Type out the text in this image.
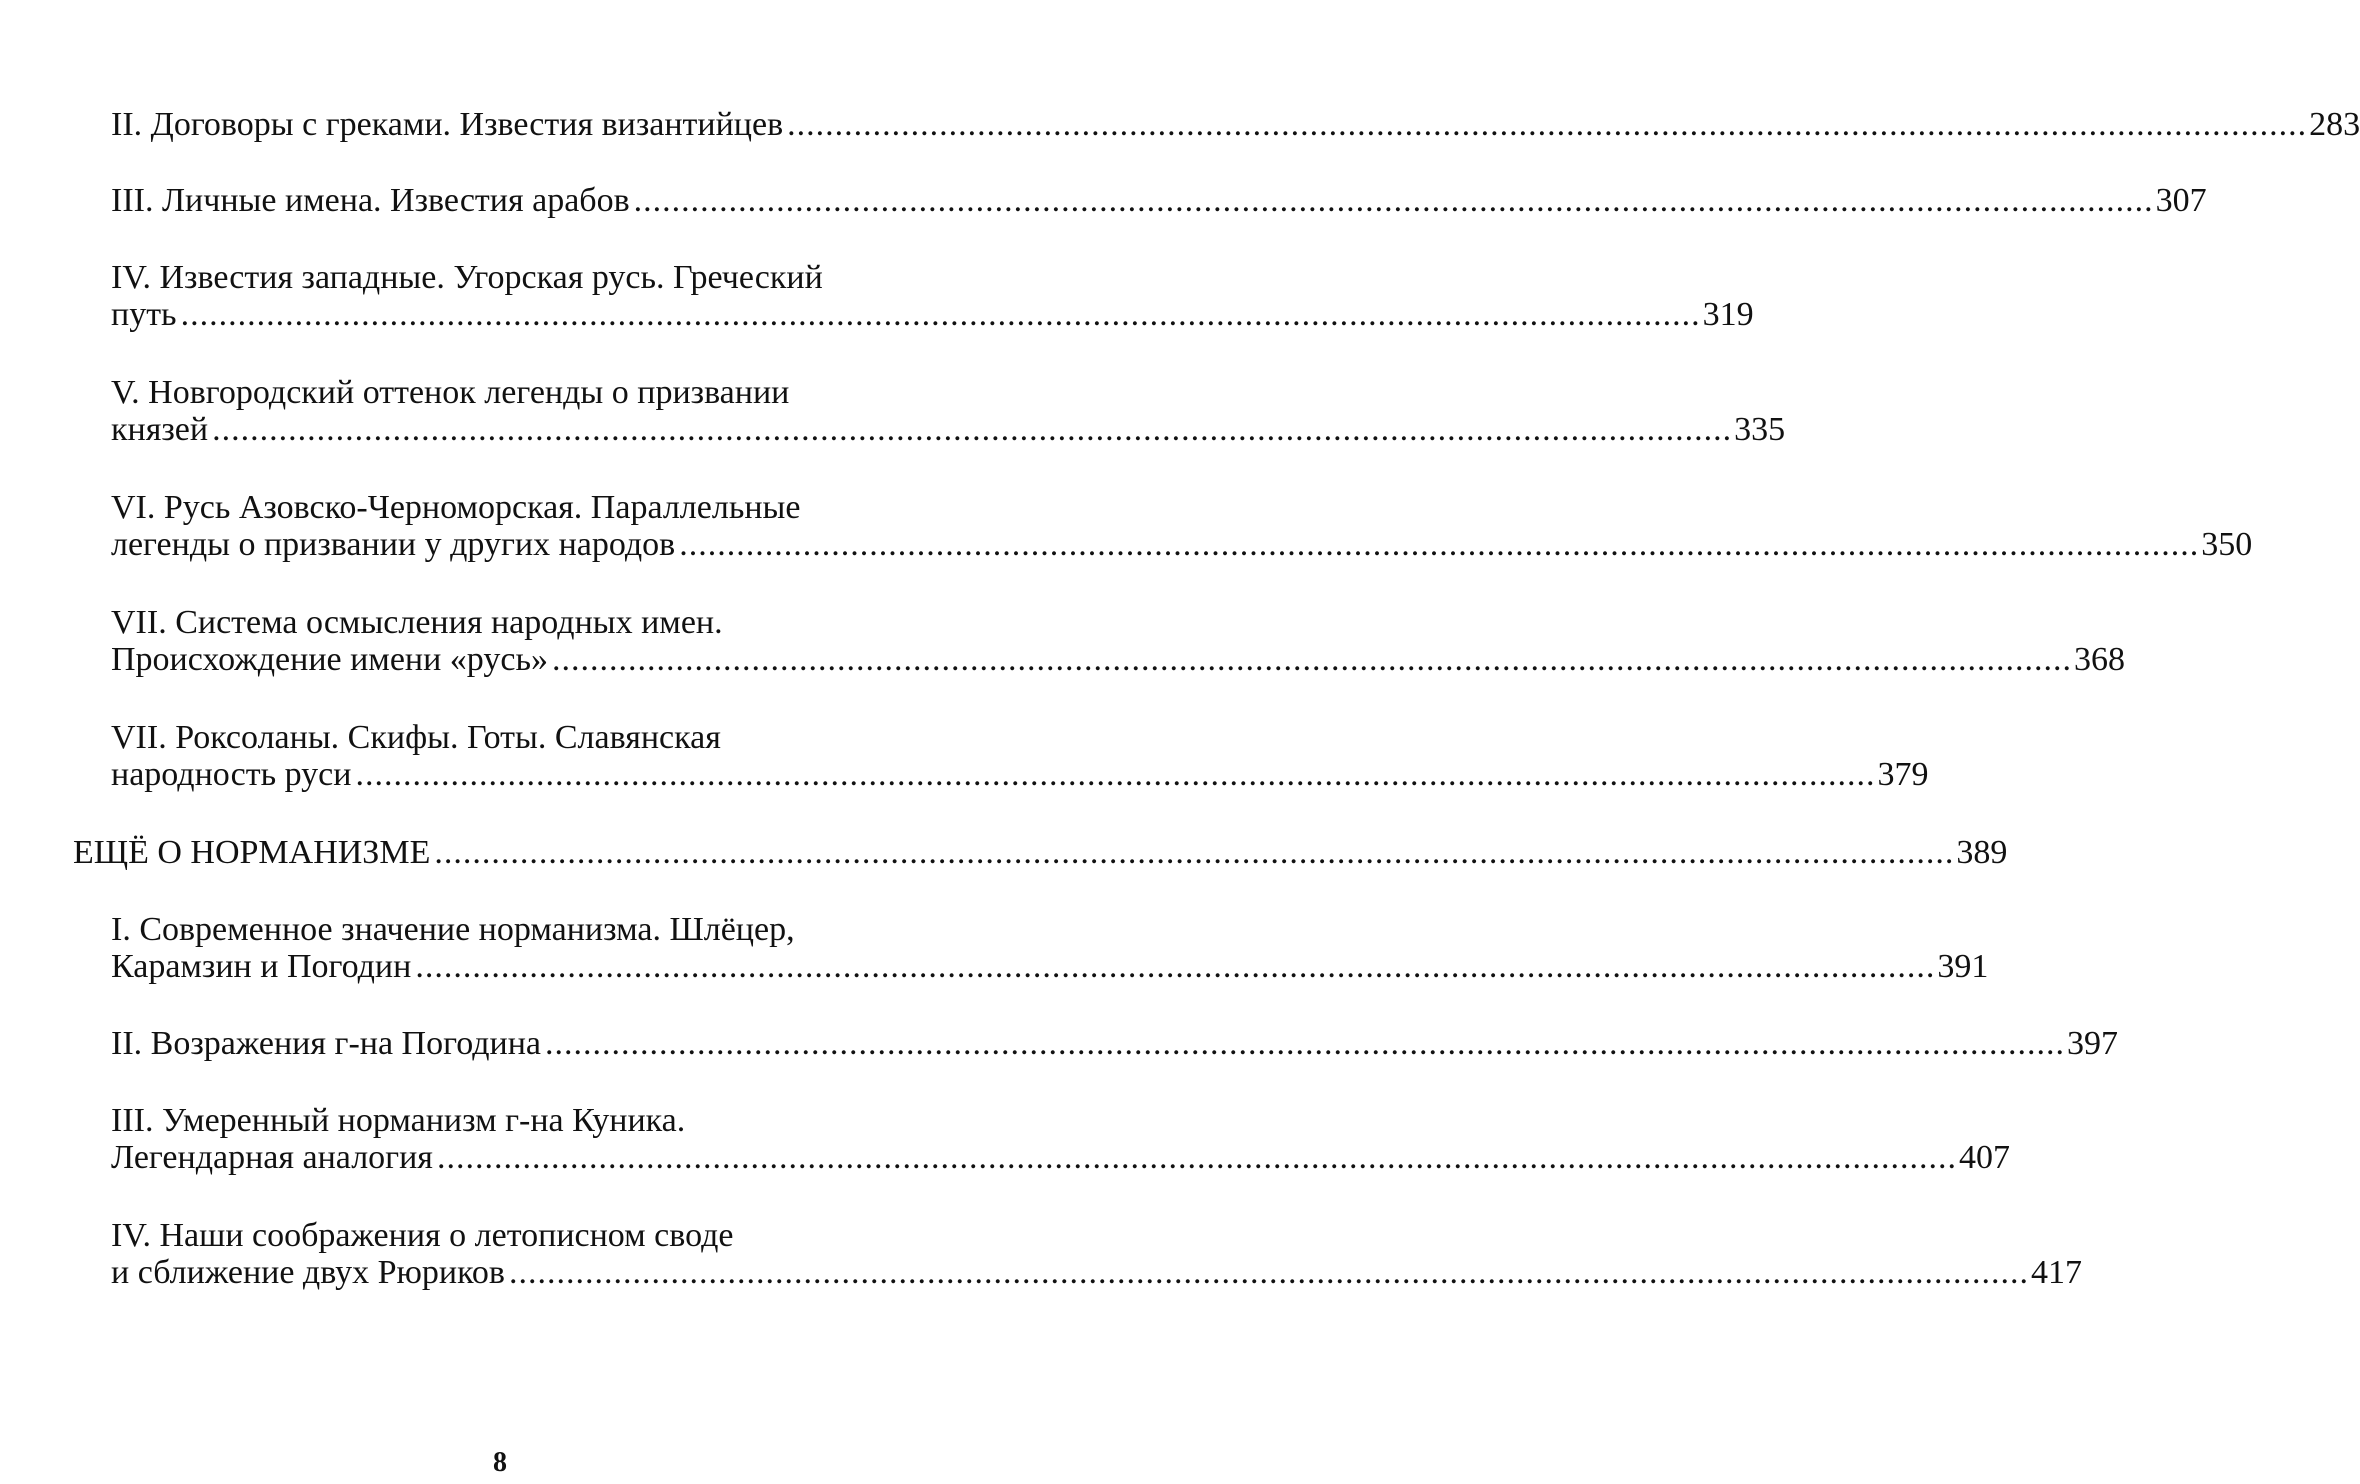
II. Договоры с греками. Известия византийцев ................................................................................................................................................................ 283
III. Личные имена. Известия арабов ................................................................................................................................................................ 307
IV. Известия западные. Угорская русь. Греческий
путь ................................................................................................................................................................ 319
V. Новгородский оттенок легенды о призвании
князей ................................................................................................................................................................ 335
VI. Русь Азовско-Черноморская. Параллельные
легенды о призвании у других народов ................................................................................................................................................................ 350
VII. Система осмысления народных имен.
Происхождение имени «русь» ................................................................................................................................................................ 368
VII. Роксоланы. Скифы. Готы. Славянская
народность руси ................................................................................................................................................................ 379
ЕЩЁ О НОРМАНИЗМЕ ................................................................................................................................................................ 389
I. Современное значение норманизма. Шлёцер,
Карамзин и Погодин ................................................................................................................................................................ 391
II. Возражения г-на Погодина ................................................................................................................................................................ 397
III. Умеренный норманизм г-на Куника.
Легендарная аналогия ................................................................................................................................................................ 407
IV. Наши соображения о летописном своде
и сближение двух Рюриков ................................................................................................................................................................ 417
8
